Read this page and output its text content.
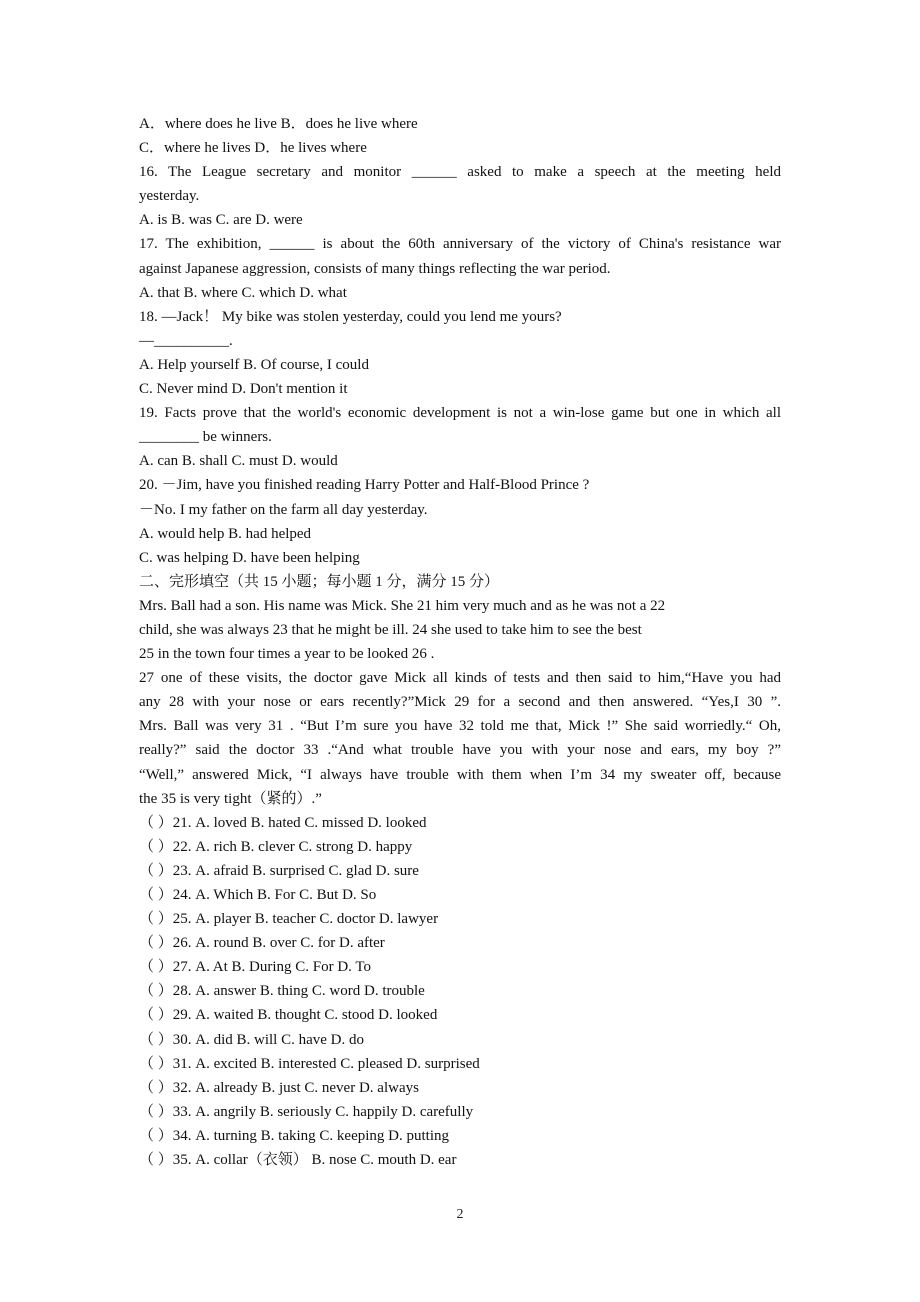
A．where does he live B．does he live where
C．where he lives D．he lives where
16. The League secretary and monitor ______ asked to make a speech at the meeting held
yesterday.
A. is B. was C. are D. were
17. The exhibition, ______ is about the 60th anniversary of the victory of China's resistance war
against Japanese aggression, consists of many things reflecting the war period.
A. that B. where C. which D. what
18. —Jack！ My bike was stolen yesterday, could you lend me yours?
—__________.
A. Help yourself B. Of course, I could
C. Never mind D. Don't mention it
19. Facts prove that the world's economic development is not a win-lose game but one in which all
________ be winners.
A. can B. shall C. must D. would
20. －Jim, have you finished reading Harry Potter and Half-Blood Prince ?
－No. I my father on the farm all day yesterday.
A. would help B. had helped
C. was helping D. have been helping
二、完形填空（共 15 小题；每小题 1 分，满分 15 分）
Mrs. Ball had a son. His name was Mick. She 21 him very much and as he was not a 22
child, she was always 23 that he might be ill. 24 she used to take him to see the best
25 in the town four times a year to be looked 26 .
27 one of these visits, the doctor gave Mick all kinds of tests and then said to him,“Have you had
any 28 with your nose or ears recently?”Mick 29 for a second and then answered. “Yes,I 30 ”.
Mrs. Ball was very 31 . “But I’m sure you have 32 told me that, Mick !” She said worriedly.“ Oh,
really?” said the doctor 33 .“And what trouble have you with your nose and ears, my boy ?”
“Well,” answered Mick, “I always have trouble with them when I’m 34 my sweater off, because
the 35 is very tight（紧的）.”
（ ）21. A. loved B. hated C. missed D. looked
（ ）22. A. rich B. clever C. strong D. happy
（ ）23. A. afraid B. surprised C. glad D. sure
（ ）24. A. Which B. For C. But D. So
（ ）25. A. player B. teacher C. doctor D. lawyer
（ ）26. A. round B. over C. for D. after
（ ）27. A. At B. During C. For D. To
（ ）28. A. answer B. thing C. word D. trouble
（ ）29. A. waited B. thought C. stood D. looked
（ ）30. A. did B. will C. have D. do
（ ）31. A. excited B. interested C. pleased D. surprised
（ ）32. A. already B. just C. never D. always
（ ）33. A. angrily B. seriously C. happily D. carefully
（ ）34. A. turning B. taking C. keeping D. putting
（ ）35. A. collar（衣领） B. nose C. mouth D. ear
2
